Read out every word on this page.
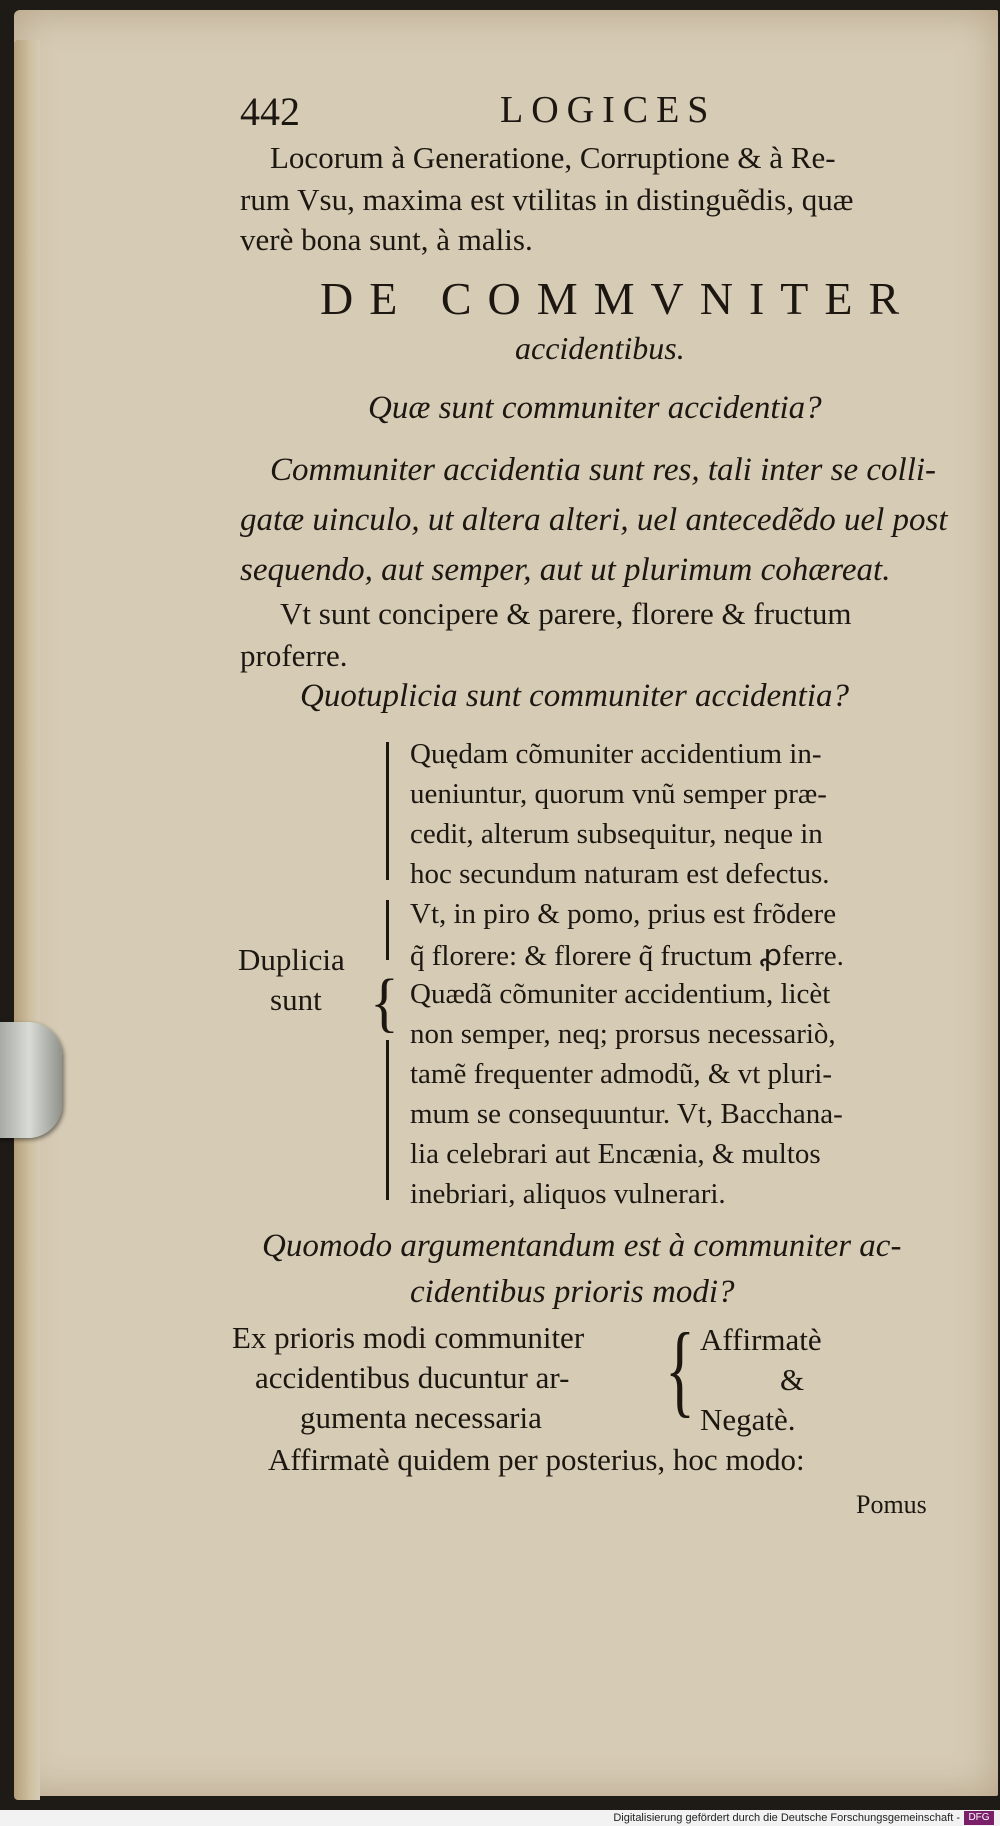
442	LOGICES
Locorum à Generatione, Corruptione & à Re-
rum Vsu, maxima est vtilitas in distinguẽdis, quæ
verè bona sunt, à malis.
DE COMMVNITER
accidentibus.
Quæ sunt communiter accidentia?
Communiter accidentia sunt res, tali inter se colli-
gatæ uinculo, ut altera alteri, uel antecedẽdo uel post
sequendo, aut semper, aut ut plurimum cohæreat.
Vt sunt concipere & parere, florere & fructum
proferre.
Quotuplicia sunt communiter accidentia?
Duplicia
sunt {
Quędam cõmuniter accidentium in-
ueniuntur, quorum vnũ semper præ-
cedit, alterum subsequitur, neque in
hoc secundum naturam est defectus.
Vt, in piro & pomo, prius est frõdere
q̃ florere: & florere q̃ fructum ꝓferre.
Quædã cõmuniter accidentium, licèt
non semper, neq; prorsus necessariò,
tamẽ frequenter admodũ, & vt pluri-
mum se consequuntur. Vt, Bacchana-
lia celebrari aut Encænia, & multos
inebriari, aliquos vulnerari.
Quomodo argumentandum est à communiter ac-
cidentibus prioris modi?
Ex prioris modi communiter
accidentibus ducuntur ar-
gumenta necessaria { Affirmatè
&
Negatè.
Affirmatè quidem per posterius, hoc modo:
Pomus
Digitalisierung gefördert durch die Deutsche Forschungsgemeinschaft - DFG
